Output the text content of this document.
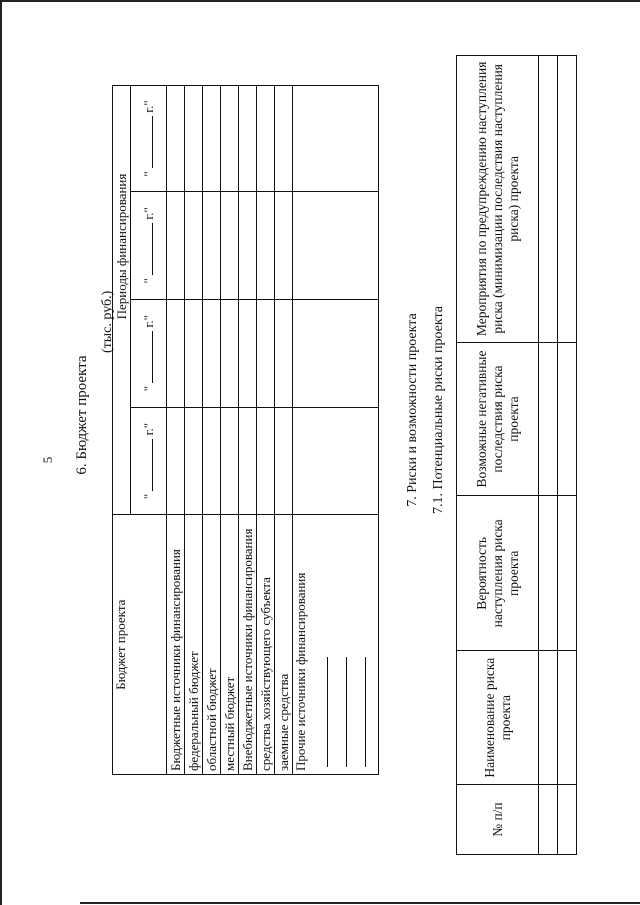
5 6. Бюджет проекта
(тыс. руб.)
Бюджет проекта		Периоды финансирования		
	"  г."	"  г."	"  г."	"  г."
Бюджетные источники финансирования				
федеральный бюджет				
областной бюджет				
местный бюджет				
Внебюджетные источники финансирования				
средства хозяйствующего субъекта				
заемные средства				
Прочие источники финансирования

7. Риски и возможности проекта 7.1. Потенциальные риски проекта
№ п/п	Наименование риска проекта	Вероятность наступления риска проекта	Возможные негативные последствия риска проекта	Мероприятия по предупреждению наступления риска (минимизации последствия наступления риска) проекта
